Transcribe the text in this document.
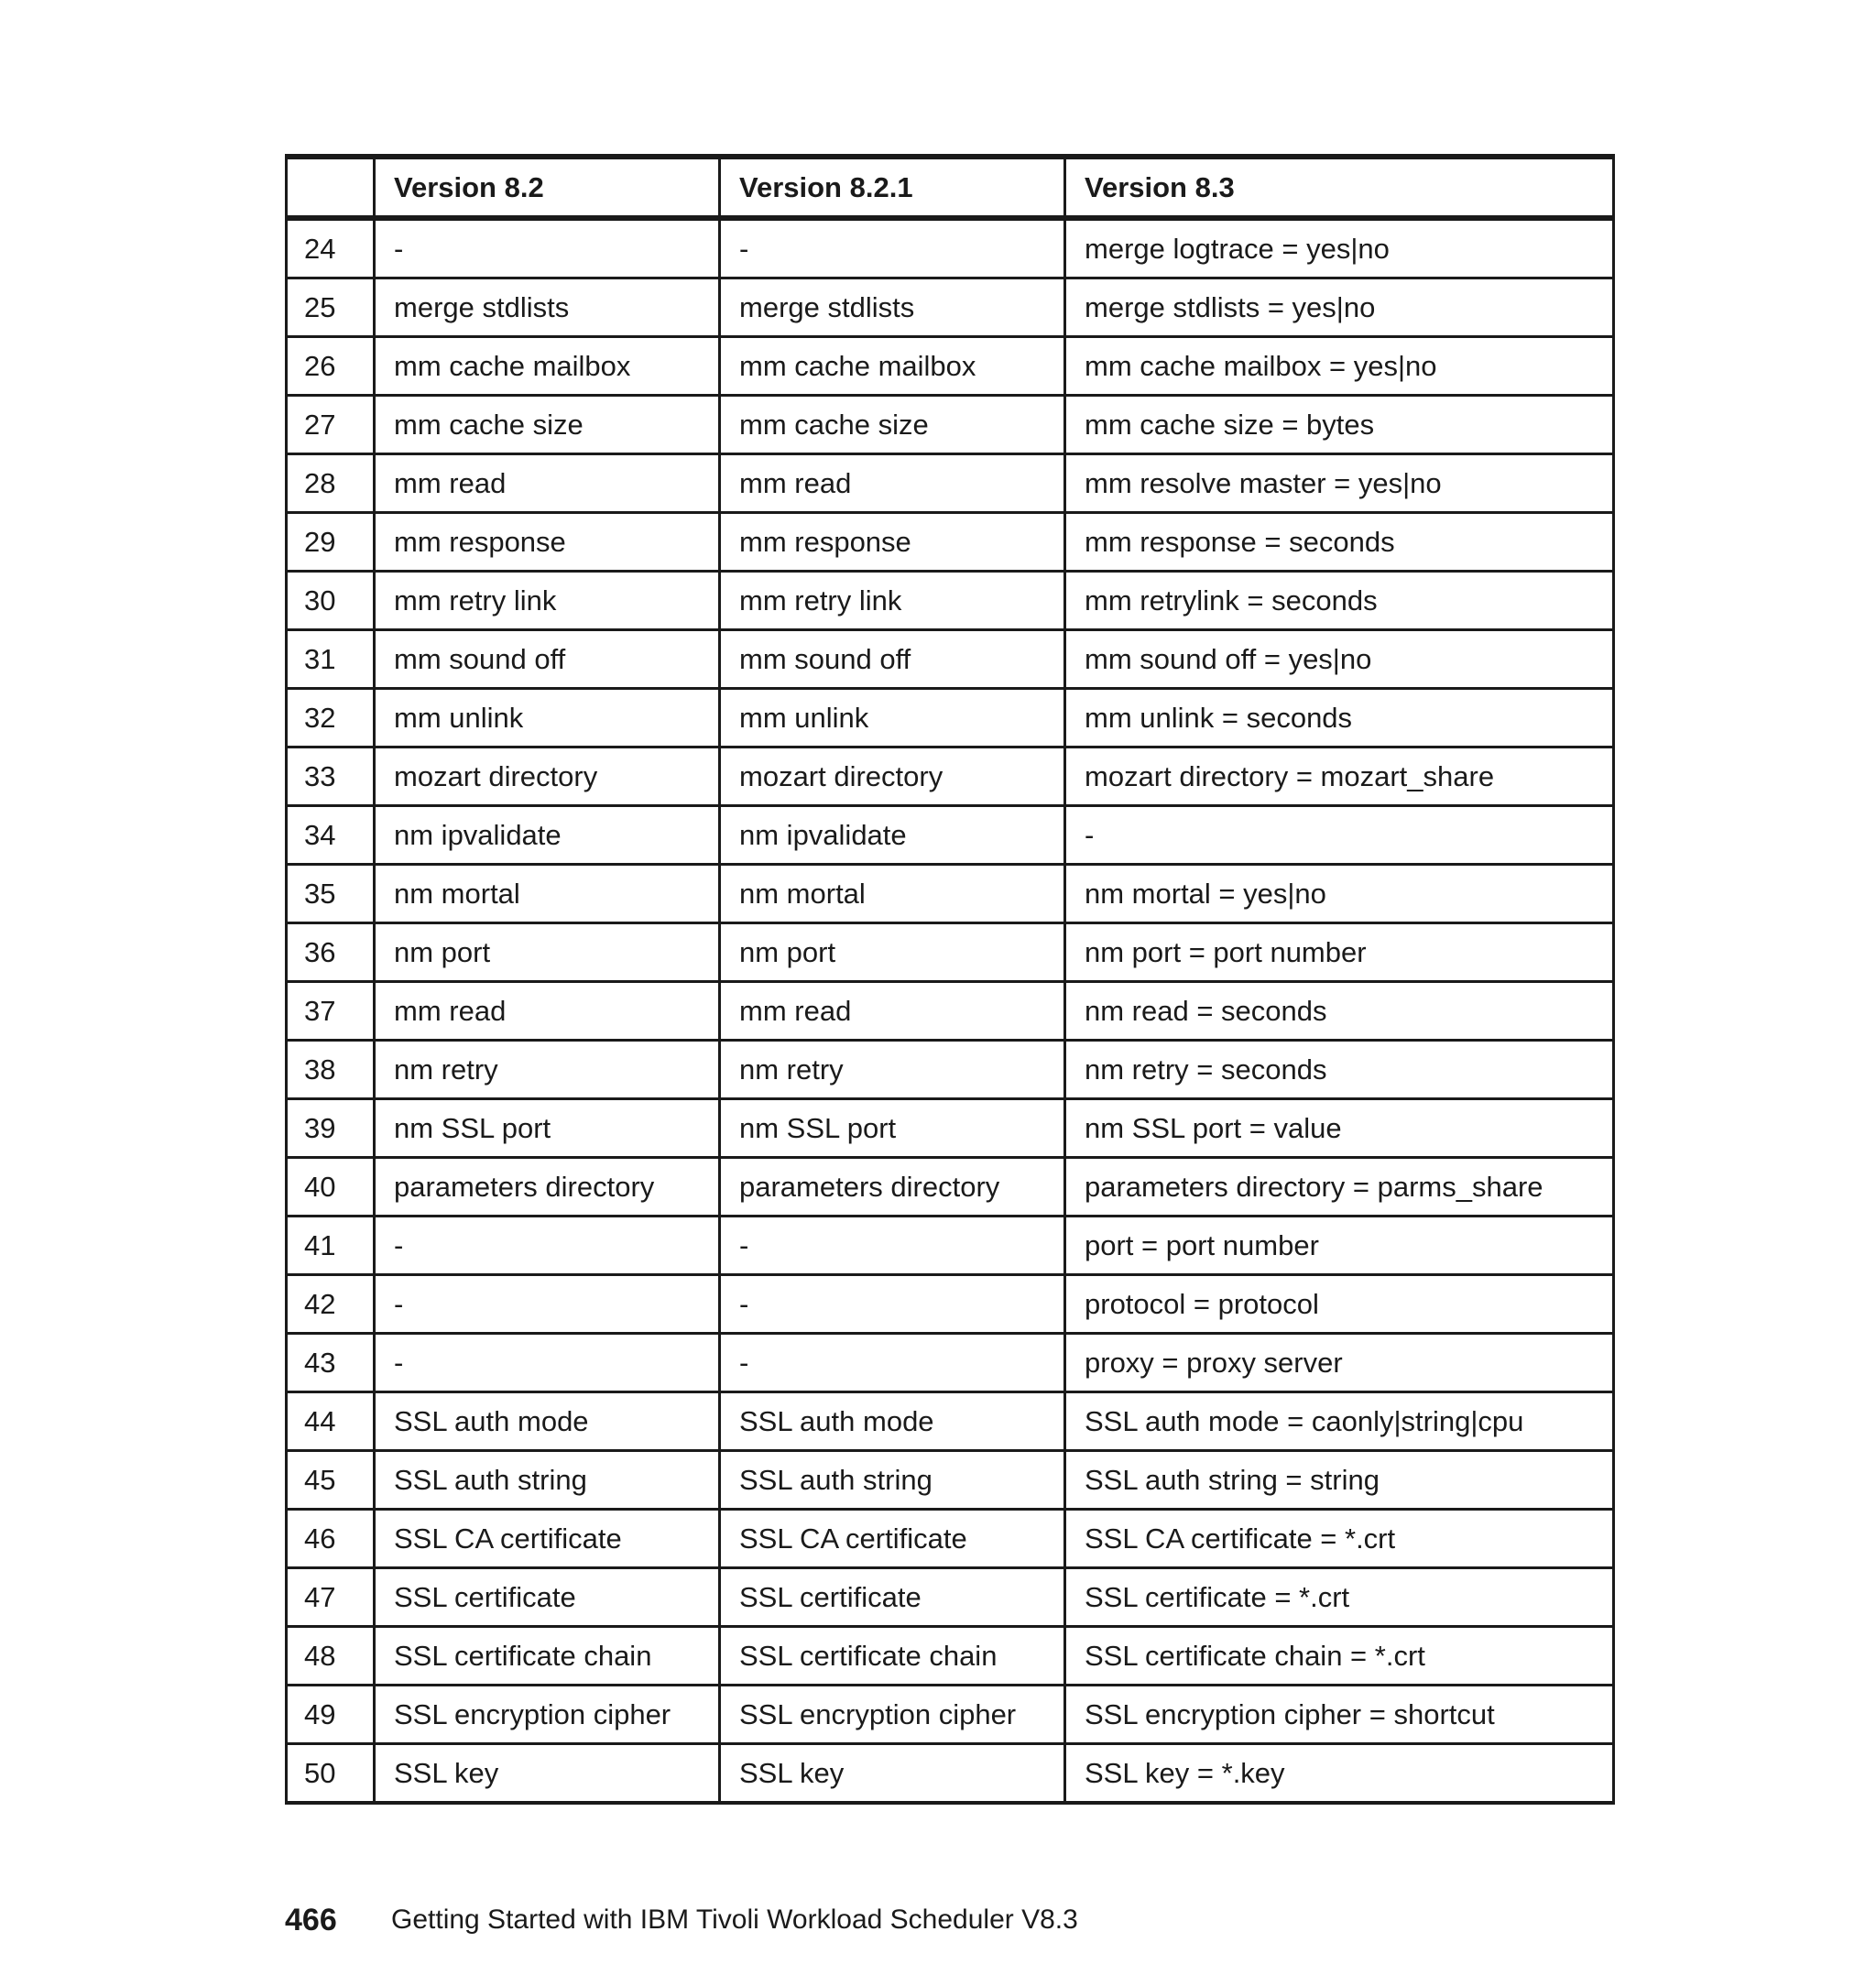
	Version 8.2	Version 8.2.1	Version 8.3
24	-	-	merge logtrace = yes|no
25	merge stdlists	merge stdlists	merge stdlists = yes|no
26	mm cache mailbox	mm cache mailbox	mm cache mailbox = yes|no
27	mm cache size	mm cache size	mm cache size = bytes
28	mm read	mm read	mm resolve master = yes|no
29	mm response	mm response	mm response = seconds
30	mm retry link	mm retry link	mm retrylink = seconds
31	mm sound off	mm sound off	mm sound off = yes|no
32	mm unlink	mm unlink	mm unlink = seconds
33	mozart directory	mozart directory	mozart directory = mozart_share
34	nm ipvalidate	nm ipvalidate	-
35	nm mortal	nm mortal	nm mortal = yes|no
36	nm port	nm port	nm port = port number
37	mm read	mm read	nm read = seconds
38	nm retry	nm retry	nm retry = seconds
39	nm SSL port	nm SSL port	nm SSL port = value
40	parameters directory	parameters directory	parameters directory = parms_share
41	-	-	port = port number
42	-	-	protocol = protocol
43	-	-	proxy = proxy server
44	SSL auth mode	SSL auth mode	SSL auth mode = caonly|string|cpu
45	SSL auth string	SSL auth string	SSL auth string = string
46	SSL CA certificate	SSL CA certificate	SSL CA certificate = *.crt
47	SSL certificate	SSL certificate	SSL certificate = *.crt
48	SSL certificate chain	SSL certificate chain	SSL certificate chain = *.crt
49	SSL encryption cipher	SSL encryption cipher	SSL encryption cipher = shortcut
50	SSL key	SSL key	SSL key = *.key
466	Getting Started with IBM Tivoli Workload Scheduler V8.3
